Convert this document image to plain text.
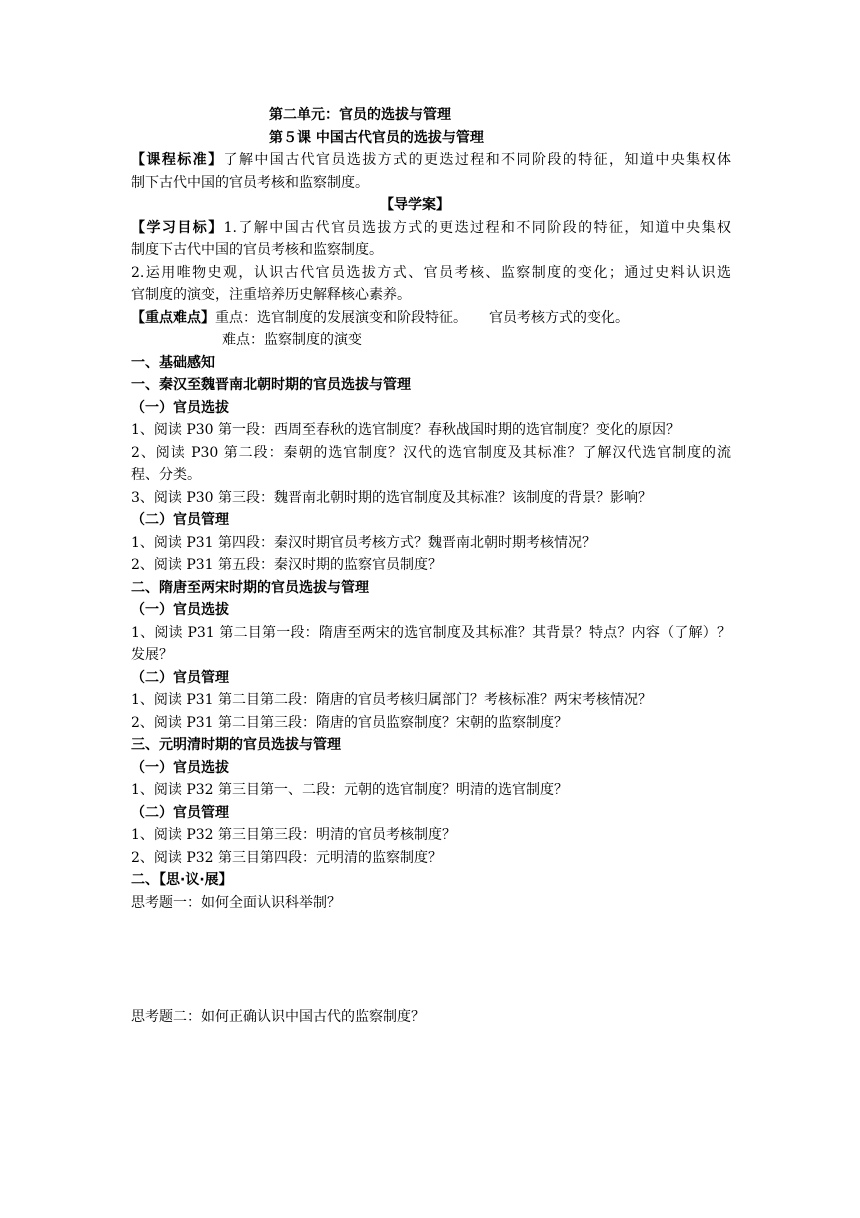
第二单元：官员的选拔与管理
第５课 中国古代官员的选拔与管理
【课程标准】了解中国古代官员选拔方式的更迭过程和不同阶段的特征，知道中央集权体
制下古代中国的官员考核和监察制度。
【导学案】
【学习目标】1.了解中国古代官员选拔方式的更迭过程和不同阶段的特征，知道中央集权
制度下古代中国的官员考核和监察制度。
2.运用唯物史观，认识古代官员选拔方式、官员考核、监察制度的变化；通过史料认识选
官制度的演变，注重培养历史解释核心素养。
【重点难点】重点：选官制度的发展演变和阶段特征。 官员考核方式的变化。
难点：监察制度的演变
一、基础感知
一、秦汉至魏晋南北朝时期的官员选拔与管理
（一）官员选拔
1、阅读 P30 第一段：西周至春秋的选官制度？春秋战国时期的选官制度？变化的原因？
2、阅读 P30 第二段：秦朝的选官制度？汉代的选官制度及其标准？了解汉代选官制度的流
程、分类。
3、阅读 P30 第三段：魏晋南北朝时期的选官制度及其标准？该制度的背景？影响？
（二）官员管理
1、阅读 P31 第四段：秦汉时期官员考核方式？魏晋南北朝时期考核情况？
2、阅读 P31 第五段：秦汉时期的监察官员制度？
二、隋唐至两宋时期的官员选拔与管理
（一）官员选拔
1、阅读 P31 第二目第一段：隋唐至两宋的选官制度及其标准？其背景？特点？内容（了解）？
发展？
（二）官员管理
1、阅读 P31 第二目第二段：隋唐的官员考核归属部门？考核标准？两宋考核情况？
2、阅读 P31 第二目第三段：隋唐的官员监察制度？宋朝的监察制度？
三、元明清时期的官员选拔与管理
（一）官员选拔
1、阅读 P32 第三目第一、二段：元朝的选官制度？明清的选官制度？
（二）官员管理
1、阅读 P32 第三目第三段：明清的官员考核制度？
2、阅读 P32 第三目第四段：元明清的监察制度？
二、【思·议·展】
思考题一：如何全面认识科举制？
思考题二：如何正确认识中国古代的监察制度？
